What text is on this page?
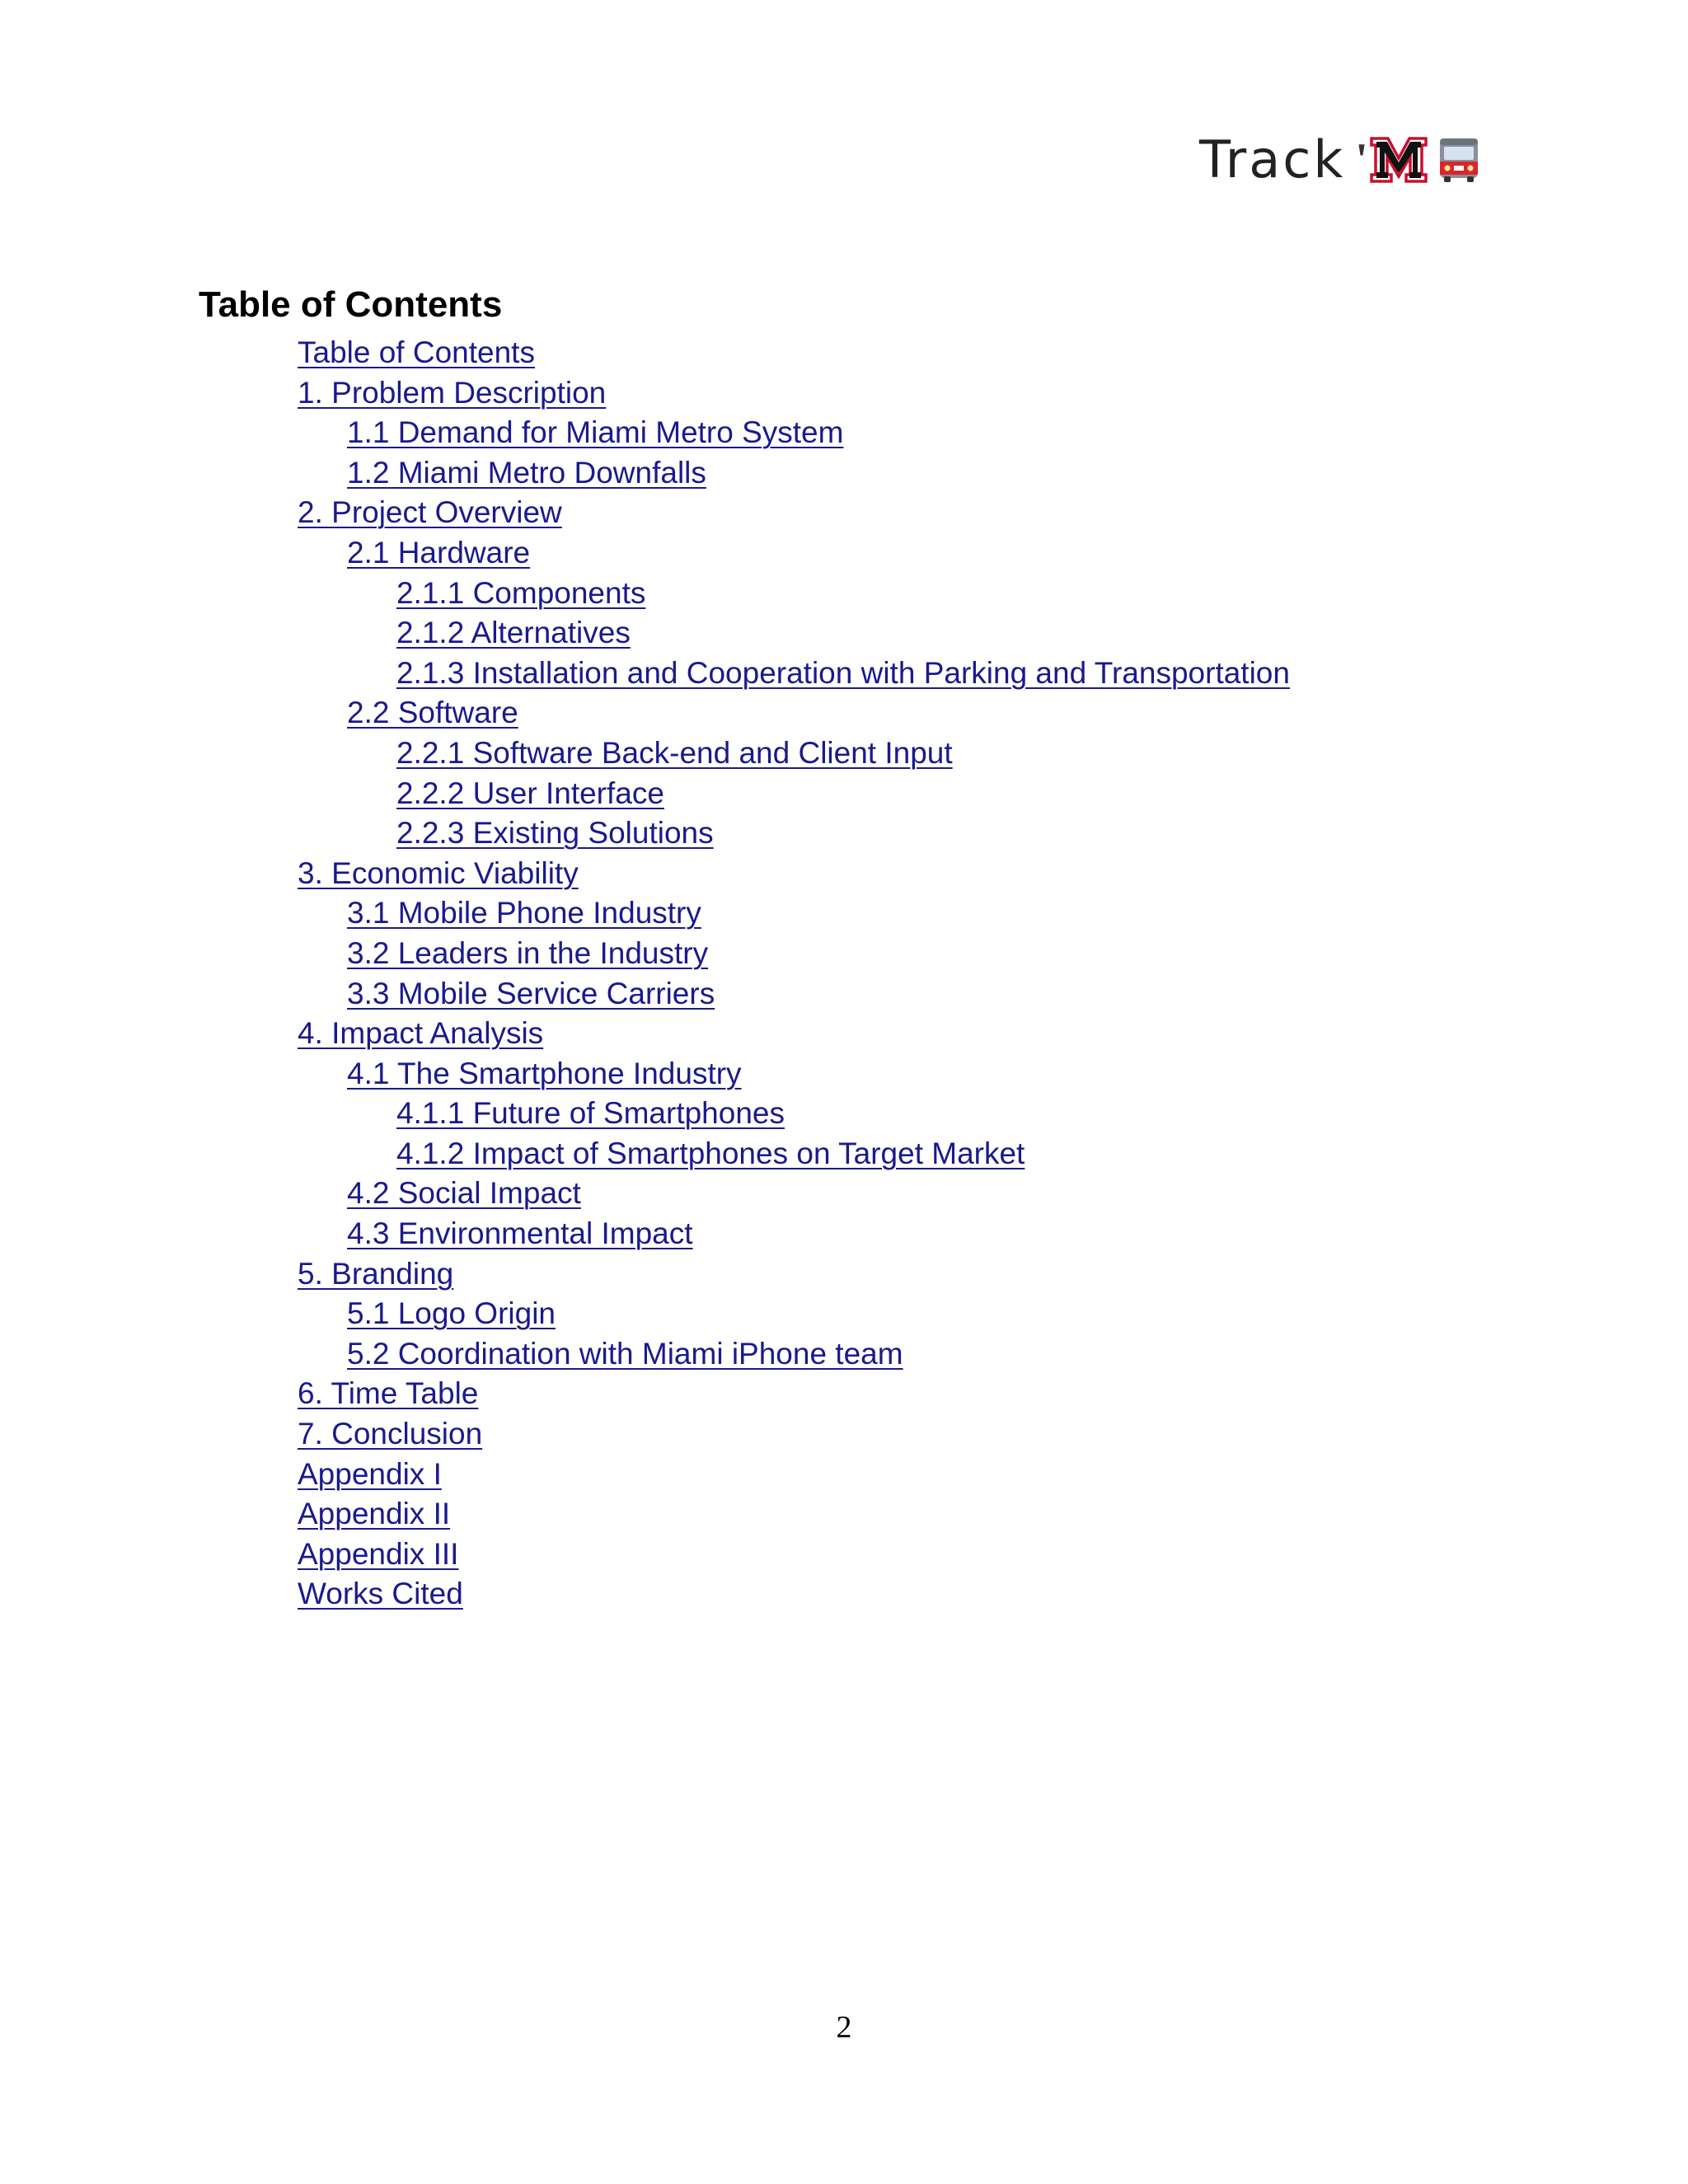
Track '
Table of Contents
Table of Contents
1. Problem Description
1.1 Demand for Miami Metro System
1.2 Miami Metro Downfalls
2. Project Overview
2.1 Hardware
2.1.1 Components
2.1.2 Alternatives
2.1.3 Installation and Cooperation with Parking and Transportation
2.2 Software
2.2.1 Software Back-end and Client Input
2.2.2 User Interface
2.2.3 Existing Solutions
3. Economic Viability
3.1 Mobile Phone Industry
3.2 Leaders in the Industry
3.3 Mobile Service Carriers
4. Impact Analysis
4.1 The Smartphone Industry
4.1.1 Future of Smartphones
4.1.2 Impact of Smartphones on Target Market
4.2 Social Impact
4.3 Environmental Impact
5. Branding
5.1 Logo Origin
5.2 Coordination with Miami iPhone team
6. Time Table
7. Conclusion
Appendix I
Appendix II
Appendix III
Works Cited
2
